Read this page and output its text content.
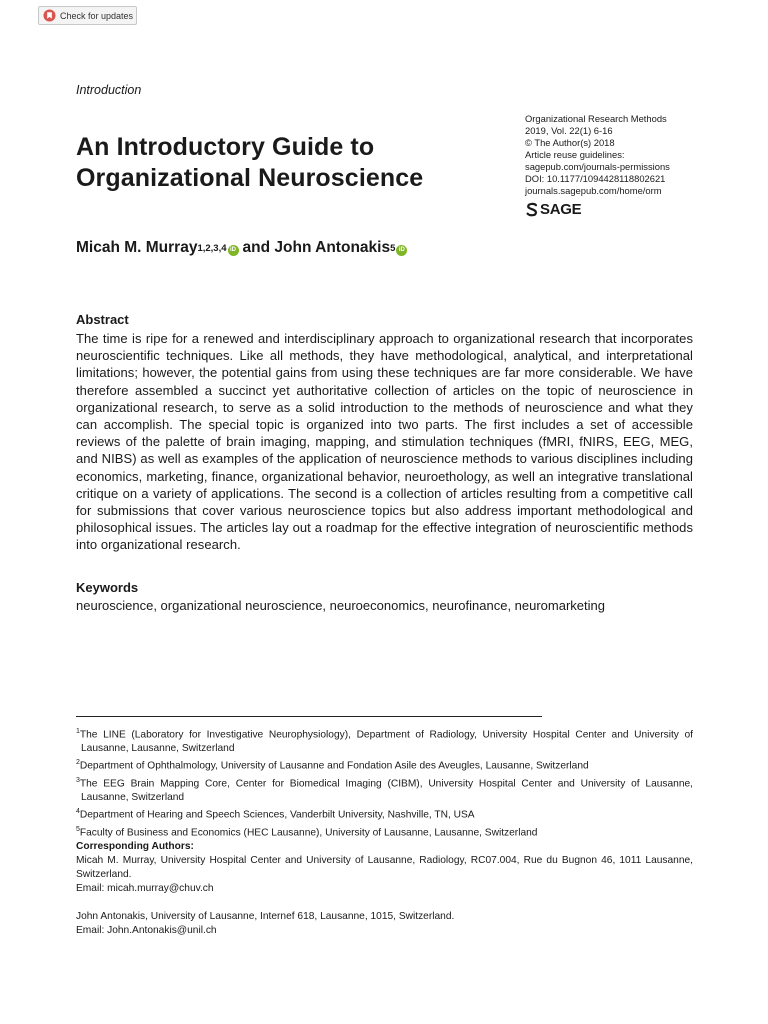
Check for updates
Introduction
An Introductory Guide to
Organizational Neuroscience
Organizational Research Methods
2019, Vol. 22(1) 6-16
© The Author(s) 2018
Article reuse guidelines:
sagepub.com/journals-permissions
DOI: 10.1177/1094428118802621
journals.sagepub.com/home/orm
SAGE
Micah M. Murray$^{1,2,3,4}$ iD and
John Antonakis$^5$ iD
Abstract

The time is ripe for a renewed and interdisciplinary approach to organizational research that incorporates neuroscientific techniques. Like all methods, they have methodological, analytical, and interpretational limitations; however, the potential gains from using these techniques are far more considerable. We have therefore assembled a succinct yet authoritative collection of articles on the topic of neuroscience in organizational research, to serve as a solid introduction to the methods of neuroscience and what they can accomplish. The special topic is organized into two parts. The first includes a set of accessible reviews of the palette of brain imaging, mapping, and stimulation techniques (fMRI, fNIRS, EEG, MEG, and NIBS) as well as examples of the application of neuroscience methods to various disciplines including economics, marketing, finance, organizational behavior, neuroethology, as well an integrative translational critique on a variety of applications. The second is a collection of articles resulting from a competitive call for submissions that cover various neuroscience topics but also address important methodological and philosophical issues. The articles lay out a roadmap for the effective integration of neuroscientific methods into organizational research.

Keywords
neuroscience, organizational neuroscience, neuroeconomics, neurofinance, neuromarketing
$^1$The LINE (Laboratory for Investigative Neurophysiology), Department of Radiology, University Hospital Center and University of Lausanne, Lausanne, Switzerland
$^2$Department of Ophthalmology, University of Lausanne and Fondation Asile des Aveugles, Lausanne, Switzerland
$^3$The EEG Brain Mapping Core, Center for Biomedical Imaging (CIBM), University Hospital Center and University of Lausanne, Lausanne, Switzerland
$^4$Department of Hearing and Speech Sciences, Vanderbilt University, Nashville, TN, USA
$^5$Faculty of Business and Economics (HEC Lausanne), University of Lausanne, Lausanne, Switzerland
Corresponding Authors:
Micah M. Murray, University Hospital Center and University of Lausanne, Radiology, RC07.004, Rue du Bugnon 46, 1011 Lausanne, Switzerland.
Email: micah.murray@chuv.ch
John Antonakis, University of Lausanne, Internef 618, Lausanne, 1015, Switzerland.
Email: John.Antonakis@unil.ch
